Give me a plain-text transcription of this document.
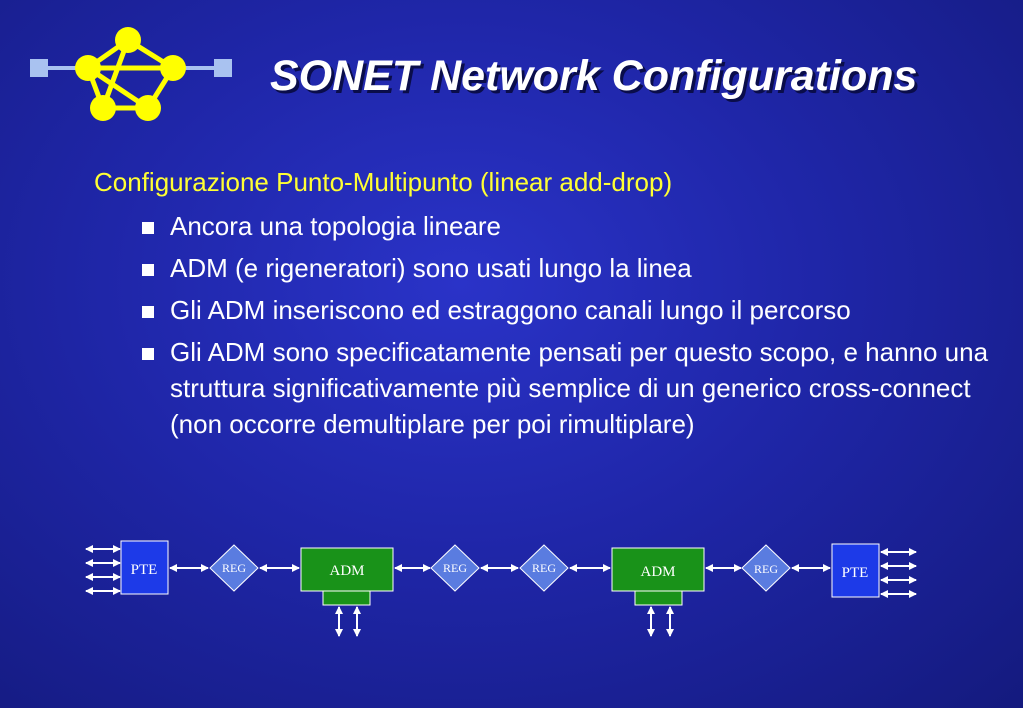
SONET Network Configurations
Configurazione Punto-Multipunto (linear add-drop)
Ancora una topologia lineare
ADM (e rigeneratori) sono usati lungo la linea
Gli ADM inseriscono ed estraggono canali lungo il percorso
Gli ADM sono specificatamente pensati per questo scopo, e hanno una struttura significativamente più semplice di un generico cross-connect (non occorre demultiplare per poi rimultiplare)
PTE	REG	ADM	REG	REG	ADM	REG	PTE
